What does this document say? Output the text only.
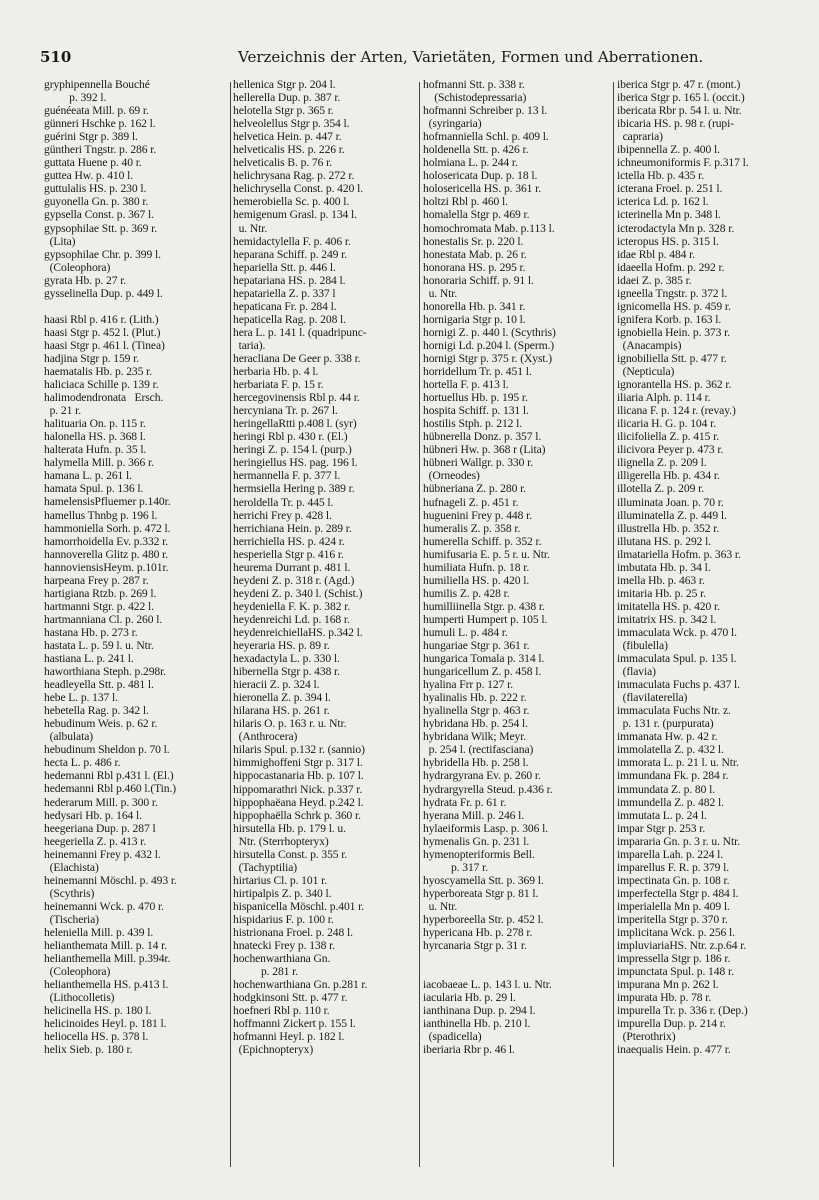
510	Verzeichnis der Arten, Varietäten, Formen und Aberrationen.
gryphipennella Bouché
p. 392 l.
guénéeata Mill. p. 69 r.
günneri Hschke p. 162 l.
guérini Stgr p. 389 l.
güntheri Tngstr. p. 286 r.
guttata Huene p. 40 r.
guttea Hw. p. 410 l.
guttulalis HS. p. 230 l.
guyonella Gn. p. 380 r.
gypsella Const. p. 367 l.
gypsophilae Stt. p. 369 r.
(Lita)
gypsophilae Chr. p. 399 l.
(Coleophora)
gyrata Hb. p. 27 r.
gysselinella Dup. p. 449 l.
haasi Rbl p. 416 r. (Lith.)
haasi Stgr p. 452 l. (Plut.)
haasi Stgr p. 461 l. (Tinea)
hadjina Stgr p. 159 r.
haematalis Hb. p. 235 r.
haliciaca Schille p. 139 r.
halimodendronata   Ersch.
p. 21 r.
halituaria On. p. 115 r.
halonella HS. p. 368 l.
halterata Hufn. p. 35 l.
halymella Mill. p. 366 r.
hamana L. p. 261 l.
hamata Spul. p. 136 l.
hamelensisPfluemer p.140r.
hamellus Thnbg p. 196 l.
hammoniella Sorh. p. 472 l.
hamorrhoidella Ev. p.332 r.
hannoverella Glitz p. 480 r.
hannoviensisHeym. p.101r.
harpeana Frey p. 287 r.
hartigiana Rtzb. p. 269 l.
hartmanni Stgr. p. 422 l.
hartmanniana Cl. p. 260 l.
hastana Hb. p. 273 r.
hastata L. p. 59 l. u. Ntr.
hastiana L. p. 241 l.
haworthiana Steph. p.298r.
headleyella Stt. p. 481 l.
hebe L. p. 137 l.
hebetella Rag. p. 342 l.
hebudinum Weis. p. 62 r.
(albulata)
hebudinum Sheldon p. 70 l.
hecta L. p. 486 r.
hedemanni Rbl p.431 l. (El.)
hedemanni Rbl p.460 l.(Tin.)
hederarum Mill. p. 300 r.
hedysari Hb. p. 164 l.
heegeriana Dup. p. 287 l
heegeriella Z. p. 413 r.
heinemanni Frey p. 432 l.
(Elachista)
heinemanni Möschl. p. 493 r.
(Scythris)
heinemanni Wck. p. 470 r.
(Tischeria)
heleniella Mill. p. 439 l.
helianthemata Mill. p. 14 r.
helianthemella Mill. p.394r.
(Coleophora)
helianthemella HS. p.413 l.
(Lithocolletis)
helicinella HS. p. 180 l.
helicinoides Heyl. p. 181 l.
heliocella HS. p. 378 l.
helix Sieb. p. 180 r.
hellenica Stgr p. 204 l.
hellerella Dup. p. 387 r.
helotella Stgr p. 365 r.
helveolellus Stgr p. 354 l.
helvetica Hein. p. 447 r.
helveticalis HS. p. 226 r.
helveticalis B. p. 76 r.
helichrysana Rag. p. 272 r.
helichrysella Const. p. 420 l.
hemerobiella Sc. p. 400 l.
hemigenum Grasl. p. 134 l.
u. Ntr.
hemidactylella F. p. 406 r.
heparana Schiff. p. 249 r.
hepariella Stt. p. 446 l.
hepatariana HS. p. 284 l.
hepatariella Z. p. 337 l
hepaticana Fr. p. 284 l.
hepaticella Rag. p. 208 l.
hera L. p. 141 l. (quadripunc-
taria).
heracliana De Geer p. 338 r.
herbaria Hb. p. 4 l.
herbariata F. p. 15 r.
hercegovinensis Rbl p. 44 r.
hercyniana Tr. p. 267 l.
heringellaRtti p.408 l. (syr)
heringi Rbl p. 430 r. (El.)
heringi Z. p. 154 l. (purp.)
heringiellus HS. pag. 196 l.
hermannella F. p. 377 l.
hermsiella Hering p. 389 r.
heroldella Tr. p. 445 l.
herrichi Frey p. 428 l.
herrichiana Hein. p. 289 r.
herrichiella HS. p. 424 r.
hesperiella Stgr p. 416 r.
heurema Durrant p. 481 l.
heydeni Z. p. 318 r. (Agd.)
heydeni Z. p. 340 l. (Schist.)
heydeniella F. K. p. 382 r.
heydenreichi Ld. p. 168 r.
heydenreichiellaHS. p.342 l.
heyeraria HS. p. 89 r.
hexadactyla L. p. 330 l.
hibernella Stgr p. 438 r.
hieracii Z. p. 324 l.
hieronella Z. p. 394 l.
hilarana HS. p. 261 r.
hilaris O. p. 163 r. u. Ntr.
(Anthrocera)
hilaris Spul. p.132 r. (sannio)
himmighoffeni Stgr p. 317 l.
hippocastanaria Hb. p. 107 l.
hippomarathri Nick. p.337 r.
hippophaëana Heyd. p.242 l.
hippophaëlla Schrk p. 360 r.
hirsutella Hb. p. 179 l. u.
Ntr. (Sterrhopteryx)
hirsutella Const. p. 355 r.
(Tachyptilia)
hirtarius Cl. p. 101 r.
hirtipalpis Z. p. 340 l.
hispanicella Möschl. p.401 r.
hispidarius F. p. 100 r.
histrionana Froel. p. 248 l.
hnatecki Frey p. 138 r.
hochenwarthiana Gn.
p. 281 r.
hochenwarthiana Gn. p.281 r.
hodgkinsoni Stt. p. 477 r.
hoefneri Rbl p. 110 r.
hoffmanni Zickert p. 155 l.
hofmanni Heyl. p. 182 l.
(Epichnopteryx)
hofmanni Stt. p. 338 r.
(Schistodepressaria)
hofmanni Schreiber p. 13 l.
(syringaria)
hofmanniella Schl. p. 409 l.
holdenella Stt. p. 426 r.
holmiana L. p. 244 r.
holosericata Dup. p. 18 l.
holosericella HS. p. 361 r.
holtzi Rbl p. 460 l.
homalella Stgr p. 469 r.
homochromata Mab. p.113 l.
honestalis Sr. p. 220 l.
honestata Mab. p. 26 r.
honorana HS. p. 295 r.
honoraria Schiff. p. 91 l.
u. Ntr.
honorella Hb. p. 341 r.
hornigaria Stgr p. 10 l.
hornigi Z. p. 440 l. (Scythris)
hornigi Ld. p.204 l. (Sperm.)
hornigi Stgr p. 375 r. (Xyst.)
horridellum Tr. p. 451 l.
hortella F. p. 413 l.
hortuellus Hb. p. 195 r.
hospita Schiff. p. 131 l.
hostilis Stph. p. 212 l.
hübnerella Donz. p. 357 l.
hübneri Hw. p. 368 r (Lita)
hübneri Wallgr. p. 330 r.
(Orneodes)
hübneriana Z. p. 280 r.
hufnageli Z. p. 451 r.
huguenini Frey p. 448 r.
humeralis Z. p. 358 r.
humerella Schiff. p. 352 r.
humifusaria E. p. 5 r. u. Ntr.
humiliata Hufn. p. 18 r.
humiliella HS. p. 420 l.
humilis Z. p. 428 r.
humilliinella Stgr. p. 438 r.
humperti Humpert p. 105 l.
humuli L. p. 484 r.
hungariae Stgr p. 361 r.
hungarica Tomala p. 314 l.
hungaricellum Z. p. 458 l.
hyalina Frr p. 127 r.
hyalinalis Hb. p. 222 r.
hyalinella Stgr p. 463 r.
hybridana Hb. p. 254 l.
hybridana Wilk; Meyr.
p. 254 l. (rectifasciana)
hybridella Hb. p. 258 l.
hydrargyrana Ev. p. 260 r.
hydrargyrella Steud. p.436 r.
hydrata Fr. p. 61 r.
hyerana Mill. p. 246 l.
hylaeiformis Lasp. p. 306 l.
hymenalis Gn. p. 231 l.
hymenopteriformis Bell.
p. 317 r.
hyoscyamella Stt. p. 369 l.
hyperboreata Stgr p. 81 l.
u. Ntr.
hyperboreella Str. p. 452 l.
hypericana Hb. p. 278 r.
hyrcanaria Stgr p. 31 r.
iacobaeae L. p. 143 l. u. Ntr.
iacularia Hb. p. 29 l.
ianthinana Dup. p. 294 l.
ianthinella Hb. p. 210 l.
(spadicella)
iberiaria Rbr p. 46 l.
iberica Stgr p. 47 r. (mont.)
iberica Stgr p. 165 l. (occit.)
ibericata Rbr p. 54 l. u. Ntr.
ibicaria HS. p. 98 r. (rupi-
capraria)
ibipennella Z. p. 400 l.
ichneumoniformis F. p.317 l.
ictella Hb. p. 435 r.
icterana Froel. p. 251 l.
icterica Ld. p. 162 l.
icterinella Mn p. 348 l.
icterodactyla Mn p. 328 r.
icteropus HS. p. 315 l.
idae Rbl p. 484 r.
idaeella Hofm. p. 292 r.
idaei Z. p. 385 r.
igneella Tngstr. p. 372 l.
ignicomella HS. p. 459 r.
ignifera Korb. p. 163 l.
ignobiella Hein. p. 373 r.
(Anacampis)
ignobiliella Stt. p. 477 r.
(Nepticula)
ignorantella HS. p. 362 r.
iliaria Alph. p. 114 r.
ilicana F. p. 124 r. (revay.)
ilicaria H. G. p. 104 r.
ilicifoliella Z. p. 415 r.
ilicivora Peyer p. 473 r.
ilignella Z. p. 209 l.
illigerella Hb. p. 434 r.
illotella Z. p. 209 r.
illuminata Joan. p. 70 r.
illuminatella Z. p. 449 l.
illustrella Hb. p. 352 r.
illutana HS. p. 292 l.
ilmatariella Hofm. p. 363 r.
imbutata Hb. p. 34 l.
imella Hb. p. 463 r.
imitaria Hb. p. 25 r.
imitatella HS. p. 420 r.
imitatrix HS. p. 342 l.
immaculata Wck. p. 470 l.
(fibulella)
immaculata Spul. p. 135 l.
(flavia)
immaculata Fuchs p. 437 l.
(flavilaterella)
immaculata Fuchs Ntr. z.
p. 131 r. (purpurata)
immanata Hw. p. 42 r.
immolatella Z. p. 432 l.
immorata L. p. 21 l. u. Ntr.
immundana Fk. p. 284 r.
immundata Z. p. 80 l.
immundella Z. p. 482 l.
immutata L. p. 24 l.
impar Stgr p. 253 r.
impararia Gn. p. 3 r. u. Ntr.
imparella Lah. p. 224 l.
imparellus F. R. p. 379 l.
impectinata Gn. p. 108 r.
imperfectella Stgr p. 484 l.
imperialella Mn p. 409 l.
imperitella Stgr p. 370 r.
implicitana Wck. p. 256 l.
impluviariaHS. Ntr. z.p.64 r.
impressella Stgr p. 186 r.
impunctata Spul. p. 148 r.
impurana Mn p. 262 l.
impurata Hb. p. 78 r.
impurella Tr. p. 336 r. (Dep.)
impurella Dup. p. 214 r.
(Pterothrix)
inaequalis Hein. p. 477 r.
